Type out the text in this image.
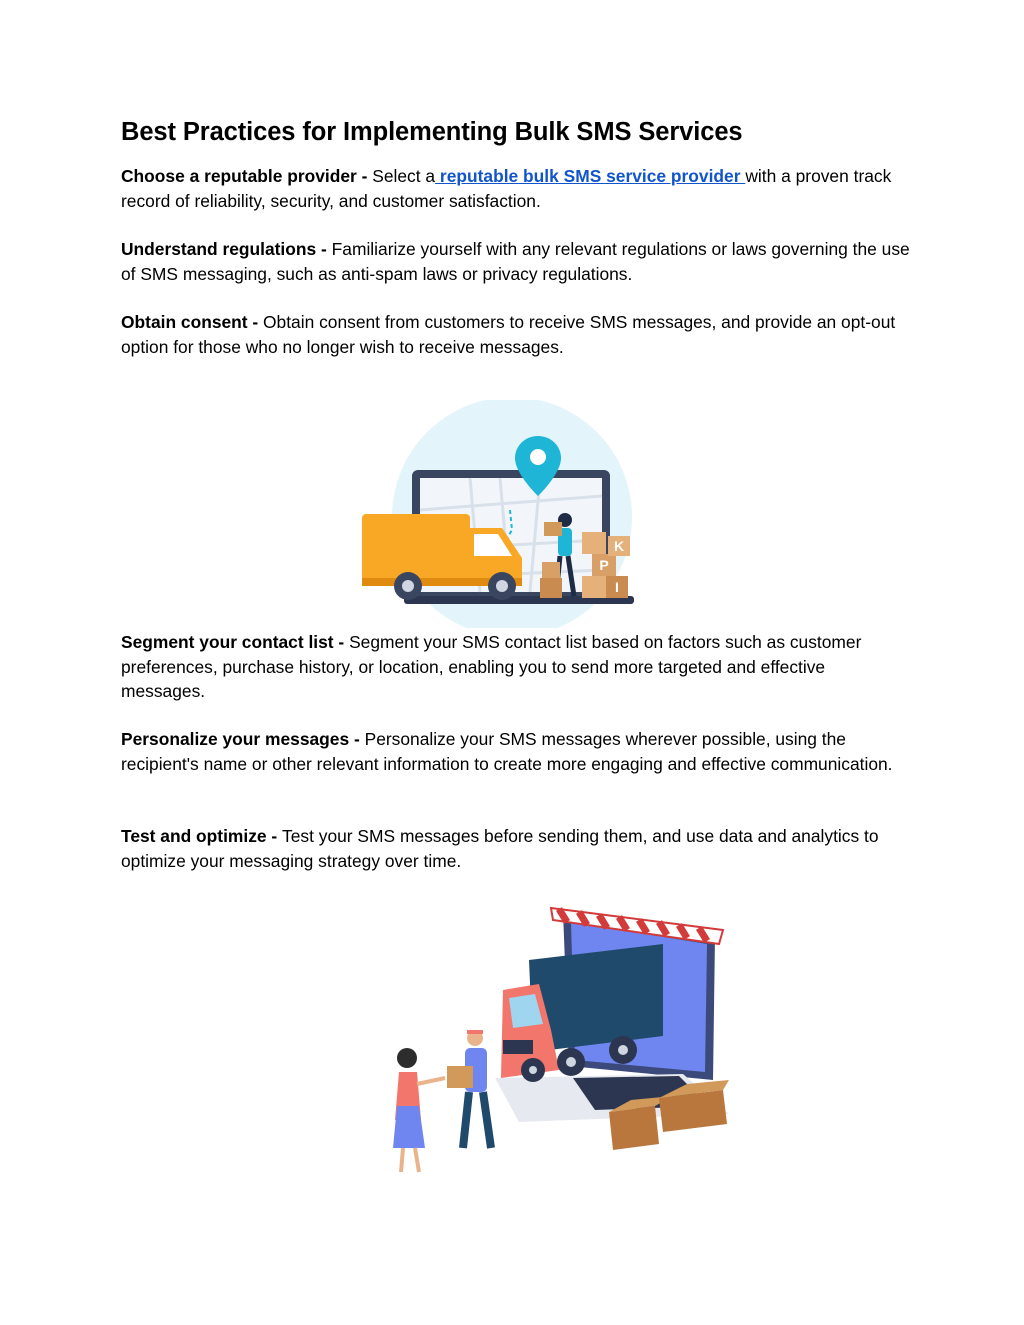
Best Practices for Implementing Bulk SMS Services

Choose a reputable provider - Select a reputable bulk SMS service provider with a proven track record of reliability, security, and customer satisfaction.

Understand regulations - Familiarize yourself with any relevant regulations or laws governing the use of SMS messaging, such as anti-spam laws or privacy regulations.

Obtain consent - Obtain consent from customers to receive SMS messages, and provide an opt-out option for those who no longer wish to receive messages.

Segment your contact list - Segment your SMS contact list based on factors such as customer preferences, purchase history, or location, enabling you to send more targeted and effective messages.

Personalize your messages - Personalize your SMS messages wherever possible, using the recipient's name or other relevant information to create more engaging and effective communication.

Test and optimize - Test your SMS messages before sending them, and use data and analytics to optimize your messaging strategy over time.

K
P
I
